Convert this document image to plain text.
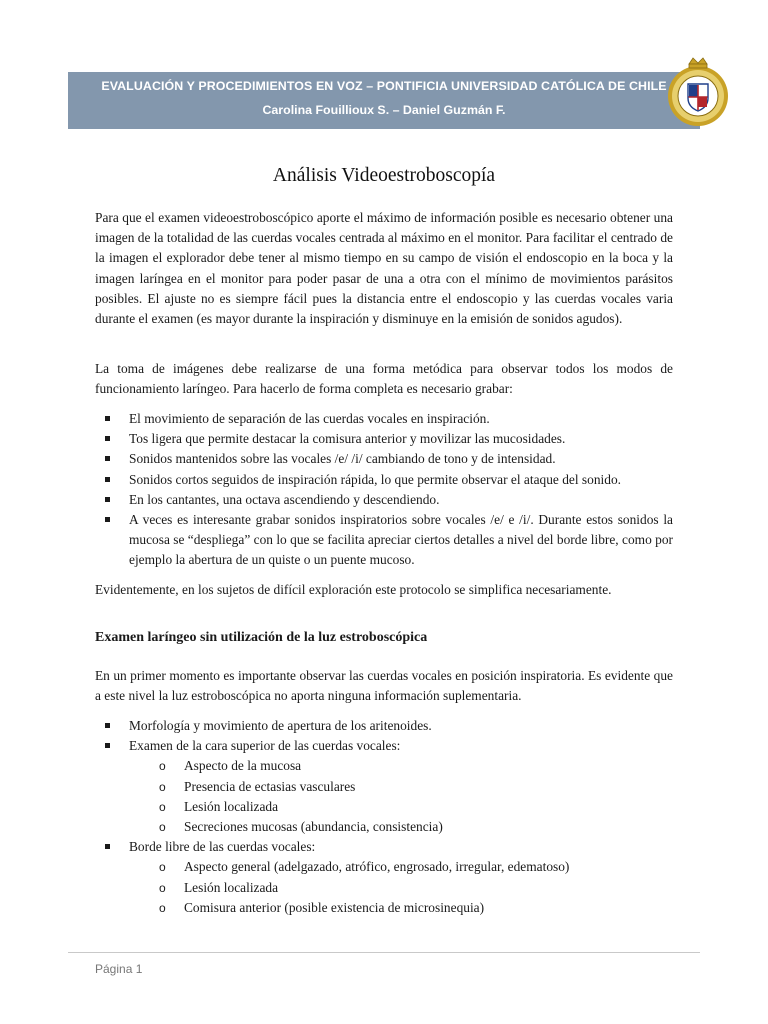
EVALUACIÓN Y PROCEDIMIENTOS EN VOZ – PONTIFICIA UNIVERSIDAD CATÓLICA DE CHILE
Carolina Fouillioux S. – Daniel Guzmán F.
Análisis Videoestroboscopía

Para que el examen videoestroboscópico aporte el máximo de información posible es necesario obtener una imagen de la totalidad de las cuerdas vocales centrada al máximo en el monitor. Para facilitar el centrado de la imagen el explorador debe tener al mismo tiempo en su campo de visión el endoscopio en la boca y la imagen laríngea en el monitor para poder pasar de una a otra con el mínimo de movimientos parásitos posibles. El ajuste no es siempre fácil pues la distancia entre el endoscopio y las cuerdas vocales varia durante el examen (es mayor durante la inspiración y disminuye en la emisión de sonidos agudos).

La toma de imágenes debe realizarse de una forma metódica para observar todos los modos de funcionamiento laríngeo. Para hacerlo de forma completa es necesario grabar:

El movimiento de separación de las cuerdas vocales en inspiración.
Tos ligera que permite destacar la comisura anterior y movilizar las mucosidades.
Sonidos mantenidos sobre las vocales /e/ /i/ cambiando de tono y de intensidad.
Sonidos cortos seguidos de inspiración rápida, lo que permite observar el ataque del sonido.
En los cantantes, una octava ascendiendo y descendiendo.
A veces es interesante grabar sonidos inspiratorios sobre vocales /e/ e /i/. Durante estos sonidos la mucosa se “despliega” con lo que se facilita apreciar ciertos detalles a nivel del borde libre, como por ejemplo la abertura de un quiste o un puente mucoso.

Evidentemente, en los sujetos de difícil exploración este protocolo se simplifica necesariamente.

Examen laríngeo sin utilización de la luz estroboscópica

En un primer momento es importante observar las cuerdas vocales en posición inspiratoria. Es evidente que a este nivel la luz estroboscópica no aporta ninguna información suplementaria.

Morfología y movimiento de apertura de los aritenoides.
Examen de la cara superior de las cuerdas vocales:
o Aspecto de la mucosa
o Presencia de ectasias vasculares
o Lesión localizada
o Secreciones mucosas (abundancia, consistencia)
Borde libre de las cuerdas vocales:
o Aspecto general (adelgazado, atrófico, engrosado, irregular, edematoso)
o Lesión localizada
o Comisura anterior (posible existencia de microsinequia)
Página 1
